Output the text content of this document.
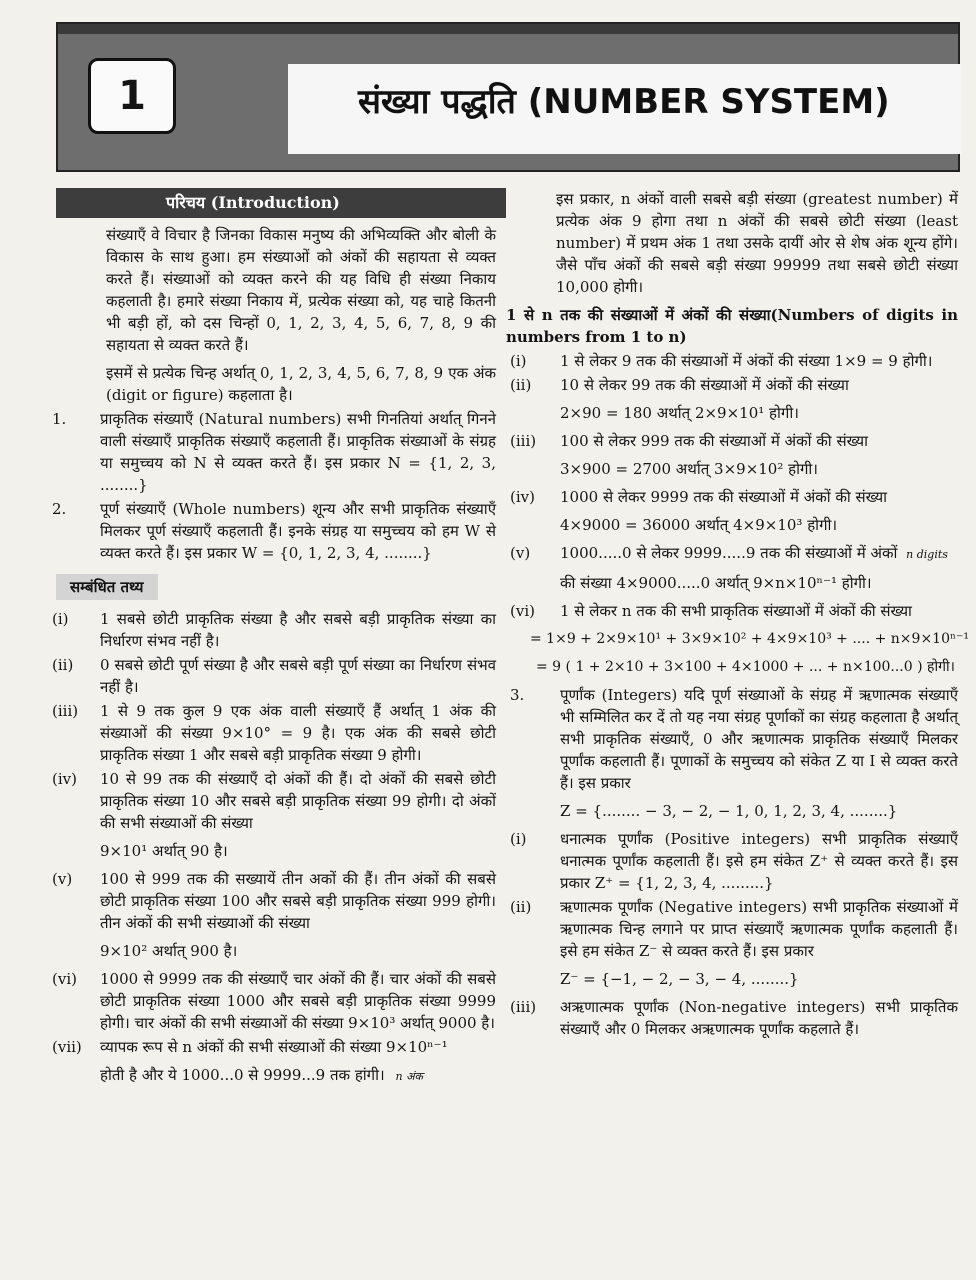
1	संख्या पद्धति (NUMBER SYSTEM)
परिचय (Introduction)

संख्याएँ वे विचार है जिनका विकास मनुष्य की अभिव्यक्ति और बोली के विकास के साथ हुआ। हम संख्याओं को अंकों की सहायता से व्यक्त करते हैं। संख्याओं को व्यक्त करने की यह विधि ही संख्या निकाय कहलाती है। हमारे संख्या निकाय में, प्रत्येक संख्या को, यह चाहे कितनी भी बड़ी हों, को दस चिन्हों 0, 1, 2, 3, 4, 5, 6, 7, 8, 9 की सहायता से व्यक्त करते हैं।

इसमें से प्रत्येक चिन्ह अर्थात् 0, 1, 2, 3, 4, 5, 6, 7, 8, 9 एक अंक (digit or figure) कहलाता है।

1. प्राकृतिक संख्याएँ (Natural numbers) सभी गिनतियां अर्थात् गिनने वाली संख्याएँ प्राकृतिक संख्याएँ कहलाती हैं। प्राकृतिक संख्याओं के संग्रह या समुच्चय को N से व्यक्त करते हैं। इस प्रकार N = {1, 2, 3, ........}
2. पूर्ण संख्याएँ (Whole numbers) शून्य और सभी प्राकृतिक संख्याएँ मिलकर पूर्ण संख्याएँ कहलाती हैं। इनके संग्रह या समुच्चय को हम W से व्यक्त करते हैं। इस प्रकार W = {0, 1, 2, 3, 4, ........}
सम्बंधित तथ्य
(i) 1 सबसे छोटी प्राकृतिक संख्या है और सबसे बड़ी प्राकृतिक संख्या का निर्धारण संभव नहीं है।
(ii) 0 सबसे छोटी पूर्ण संख्या है और सबसे बड़ी पूर्ण संख्या का निर्धारण संभव नहीं है।
(iii) 1 से 9 तक कुल 9 एक अंक वाली संख्याएँ हैं अर्थात् 1 अंक की संख्याओं की संख्या 9×10° = 9 है। एक अंक की सबसे छोटी प्राकृतिक संख्या 1 और सबसे बड़ी प्राकृतिक संख्या 9 होगी।
(iv) 10 से 99 तक की संख्याएँ दो अंकों की हैं। दो अंकों की सबसे छोटी प्राकृतिक संख्या 10 और सबसे बड़ी प्राकृतिक संख्या 99 होगी। दो अंकों की सभी संख्याओं की संख्या
9×10¹ अर्थात् 90 है।
(v) 100 से 999 तक की सख्यायें तीन अकों की हैं। तीन अंकों की सबसे छोटी प्राकृतिक संख्या 100 और सबसे बड़ी प्राकृतिक संख्या 999 होगी। तीन अंकों की सभी संख्याओं की संख्या
9×10² अर्थात् 900 है।
(vi) 1000 से 9999 तक की संख्याएँ चार अंकों की हैं। चार अंकों की सबसे छोटी प्राकृतिक संख्या 1000 और सबसे बड़ी प्राकृतिक संख्या 9999 होगी। चार अंकों की सभी संख्याओं की संख्या 9×10³ अर्थात् 9000 है।
(vii) व्यापक रूप से n अंकों की सभी संख्याओं की संख्या 9×10ⁿ⁻¹
होती है और ये 1000...0 से 9999...9 तक हांगी। n अंक

इस प्रकार, n अंकों वाली सबसे बड़ी संख्या (greatest number) में प्रत्येक अंक 9 होगा तथा n अंकों की सबसे छोटी संख्या (least number) में प्रथम अंक 1 तथा उसके दायीं ओर से शेष अंक शून्य होंगे। जैसे पाँच अंकों की सबसे बड़ी संख्या 99999 तथा सबसे छोटी संख्या 10,000 होगी।

1 से n तक की संख्याओं में अंकों की संख्या(Numbers of digits in numbers from 1 to n)

(i) 1 से लेकर 9 तक की संख्याओं में अंकों की संख्या 1×9 = 9 होगी।
(ii) 10 से लेकर 99 तक की संख्याओं में अंकों की संख्या
2×90 = 180 अर्थात् 2×9×10¹ होगी।
(iii) 100 से लेकर 999 तक की संख्याओं में अंकों की संख्या
3×900 = 2700 अर्थात् 3×9×10² होगी।
(iv) 1000 से लेकर 9999 तक की संख्याओं में अंकों की संख्या
4×9000 = 36000 अर्थात् 4×9×10³ होगी।
(v) 1000.....0 से लेकर 9999.....9 तक की संख्याओं में अंकों n digits
की संख्या 4×9000.....0 अर्थात् 9×n×10ⁿ⁻¹ होगी।
(vi) 1 से लेकर n तक की सभी प्राकृतिक संख्याओं में अंकों की संख्या
= 1×9 + 2×9×10¹ + 3×9×10² + 4×9×10³ + .... + n×9×10ⁿ⁻¹
= 9 ( 1 + 2×10 + 3×100 + 4×1000 + ... + n×100...0 ) होगी।
3. पूर्णांक (Integers) यदि पूर्ण संख्याओं के संग्रह में ऋणात्मक संख्याएँ भी सम्मिलित कर दें तो यह नया संग्रह पूर्णाकों का संग्रह कहलाता है अर्थात् सभी प्राकृतिक संख्याएँ, 0 और ऋणात्मक प्राकृतिक संख्याएँ मिलकर पूर्णांक कहलाती हैं। पूणाकों के समुच्चय को संकेत Z या I से व्यक्त करते हैं। इस प्रकार
Z = {........ − 3, − 2, − 1, 0, 1, 2, 3, 4, ........}
(i) धनात्मक पूर्णांक (Positive integers) सभी प्राकृतिक संख्याएँ धनात्मक पूर्णांक कहलाती हैं। इसे हम संकेत Z⁺ से व्यक्त करते हैं। इस प्रकार Z⁺ = {1, 2, 3, 4, .........}
(ii) ऋणात्मक पूर्णांक (Negative integers) सभी प्राकृतिक संख्याओं में ऋणात्मक चिन्ह लगाने पर प्राप्त संख्याएँ ऋणात्मक पूर्णांक कहलाती हैं। इसे हम संकेत Z⁻ से व्यक्त करते हैं। इस प्रकार
Z⁻ = {−1, − 2, − 3, − 4, ........}
(iii) अऋणात्मक पूर्णांक (Non-negative integers) सभी प्राकृतिक संख्याएँ और 0 मिलकर अऋणात्मक पूर्णांक कहलाते हैं।
